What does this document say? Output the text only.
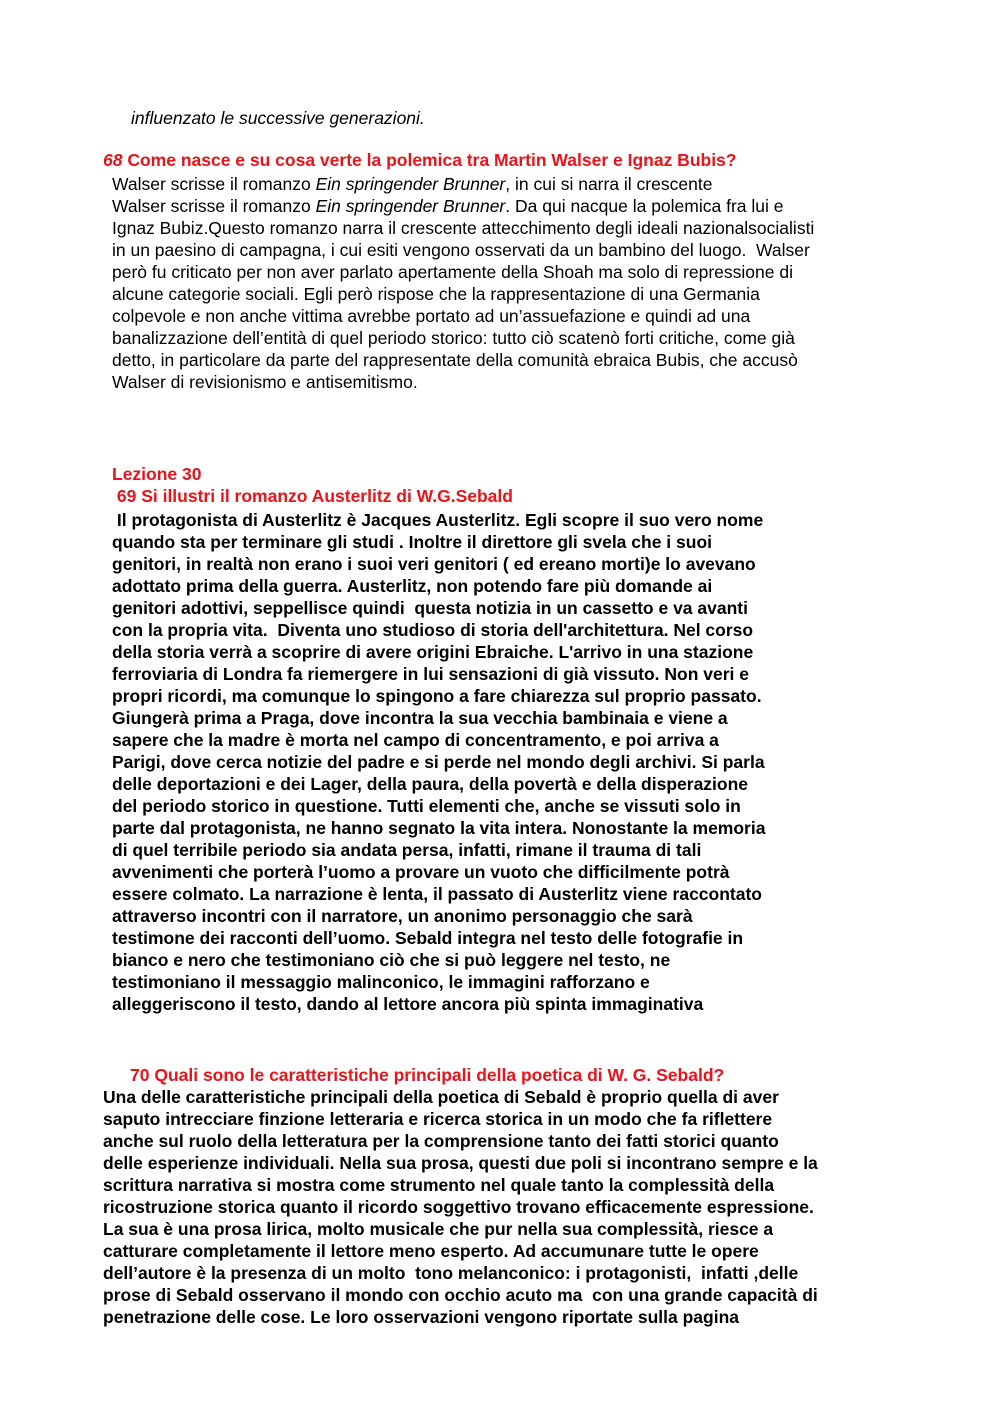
influenzato le successive generazioni.
68 Come nasce e su cosa verte la polemica tra Martin Walser e Ignaz Bubis?
Walser scrisse il romanzo Ein springender Brunner, in cui si narra il crescente
Walser scrisse il romanzo Ein springender Brunner. Da qui nacque la polemica fra lui e
Ignaz Bubiz.Questo romanzo narra il crescente attecchimento degli ideali nazionalsocialisti
in un paesino di campagna, i cui esiti vengono osservati da un bambino del luogo.  Walser
però fu criticato per non aver parlato apertamente della Shoah ma solo di repressione di
alcune categorie sociali. Egli però rispose che la rappresentazione di una Germania
colpevole e non anche vittima avrebbe portato ad un’assuefazione e quindi ad una
banalizzazione dell’entità di quel periodo storico: tutto ciò scatenò forti critiche, come già
detto, in particolare da parte del rappresentate della comunità ebraica Bubis, che accusò
Walser di revisionismo e antisemitismo.
Lezione 30
69 Si illustri il romanzo Austerlitz di W.G.Sebald
Il protagonista di Austerlitz è Jacques Austerlitz. Egli scopre il suo vero nome
quando sta per terminare gli studi . Inoltre il direttore gli svela che i suoi
genitori, in realtà non erano i suoi veri genitori ( ed ereano morti)e lo avevano
adottato prima della guerra. Austerlitz, non potendo fare più domande ai
genitori adottivi, seppellisce quindi  questa notizia in un cassetto e va avanti
con la propria vita.  Diventa uno studioso di storia dell'architettura. Nel corso
della storia verrà a scoprire di avere origini Ebraiche. L'arrivo in una stazione
ferroviaria di Londra fa riemergere in lui sensazioni di già vissuto. Non veri e
propri ricordi, ma comunque lo spingono a fare chiarezza sul proprio passato.
Giungerà prima a Praga, dove incontra la sua vecchia bambinaia e viene a
sapere che la madre è morta nel campo di concentramento, e poi arriva a
Parigi, dove cerca notizie del padre e si perde nel mondo degli archivi. Si parla
delle deportazioni e dei Lager, della paura, della povertà e della disperazione
del periodo storico in questione. Tutti elementi che, anche se vissuti solo in
parte dal protagonista, ne hanno segnato la vita intera. Nonostante la memoria
di quel terribile periodo sia andata persa, infatti, rimane il trauma di tali
avvenimenti che porterà l’uomo a provare un vuoto che difficilmente potrà
essere colmato. La narrazione è lenta, il passato di Austerlitz viene raccontato
attraverso incontri con il narratore, un anonimo personaggio che sarà
testimone dei racconti dell’uomo. Sebald integra nel testo delle fotografie in
bianco e nero che testimoniano ciò che si può leggere nel testo, ne
testimoniano il messaggio malinconico, le immagini rafforzano e
alleggeriscono il testo, dando al lettore ancora più spinta immaginativa
70 Quali sono le caratteristiche principali della poetica di W. G. Sebald?
Una delle caratteristiche principali della poetica di Sebald è proprio quella di aver
saputo intrecciare finzione letteraria e ricerca storica in un modo che fa riflettere
anche sul ruolo della letteratura per la comprensione tanto dei fatti storici quanto
delle esperienze individuali. Nella sua prosa, questi due poli si incontrano sempre e la
scrittura narrativa si mostra come strumento nel quale tanto la complessità della
ricostruzione storica quanto il ricordo soggettivo trovano efficacemente espressione.
La sua è una prosa lirica, molto musicale che pur nella sua complessità, riesce a
catturare completamente il lettore meno esperto. Ad accumunare tutte le opere
dell’autore è la presenza di un molto  tono melanconico: i protagonisti,  infatti ,delle
prose di Sebald osservano il mondo con occhio acuto ma  con una grande capacità di
penetrazione delle cose. Le loro osservazioni vengono riportate sulla pagina
